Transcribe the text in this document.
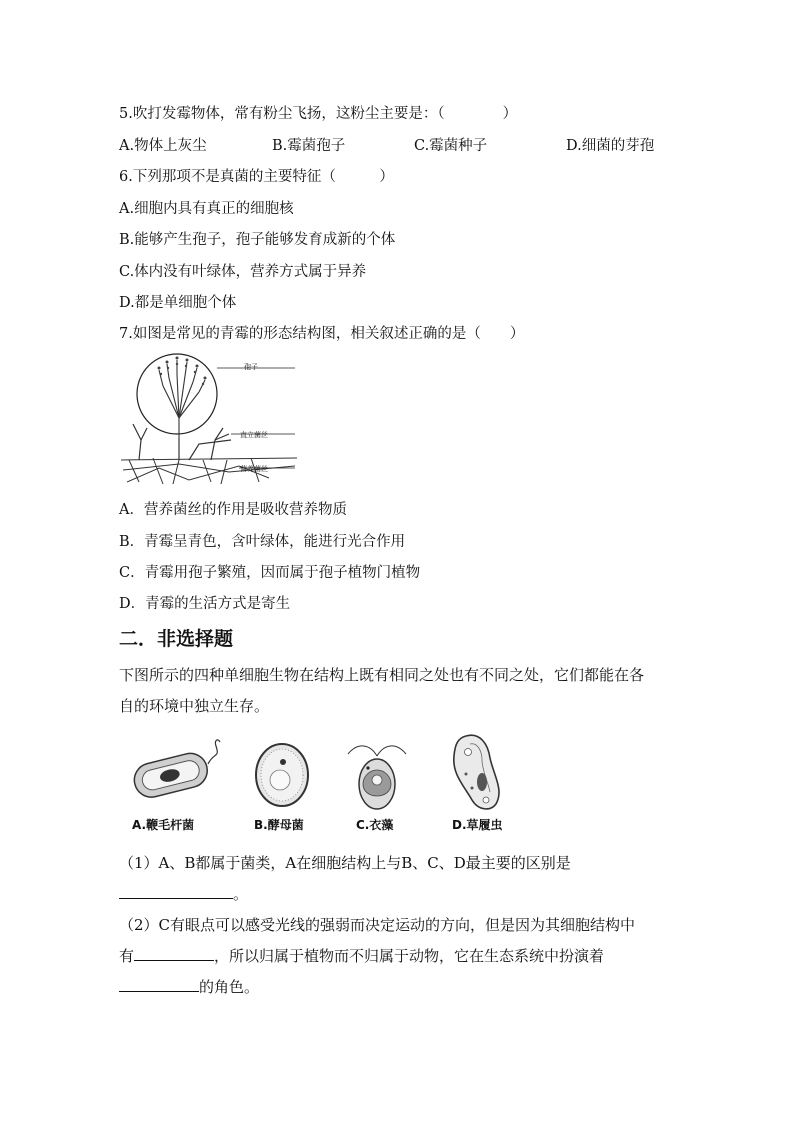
5.吹打发霉物体，常有粉尘飞扬，这粉尘主要是：（　　　　）
A.物体上灰尘	B.霉菌孢子	C.霉菌种子	D.细菌的芽孢
6.下列那项不是真菌的主要特征（　　　）
A.细胞内具有真正的细胞核
B.能够产生孢子，孢子能够发育成新的个体
C.体内没有叶绿体，营养方式属于异养
D.都是单细胞个体
7.如图是常见的青霉的形态结构图，相关叙述正确的是（　　）
孢子
直立菌丝
营养菌丝
A．营养菌丝的作用是吸收营养物质
B．青霉呈青色，含叶绿体，能进行光合作用
C．青霉用孢子繁殖，因而属于孢子植物门植物
D．青霉的生活方式是寄生
二．非选择题
下图所示的四种单细胞生物在结构上既有相同之处也有不同之处，它们都能在各
自的环境中独立生存。
A.鞭毛杆菌	B.酵母菌	C.衣藻	D.草履虫
（1）A、B都属于菌类，A在细胞结构上与B、C、D最主要的区别是
。
（2）C有眼点可以感受光线的强弱而决定运动的方向，但是因为其细胞结构中
有	，所以归属于植物而不归属于动物，它在生态系统中扮演着
的角色。
